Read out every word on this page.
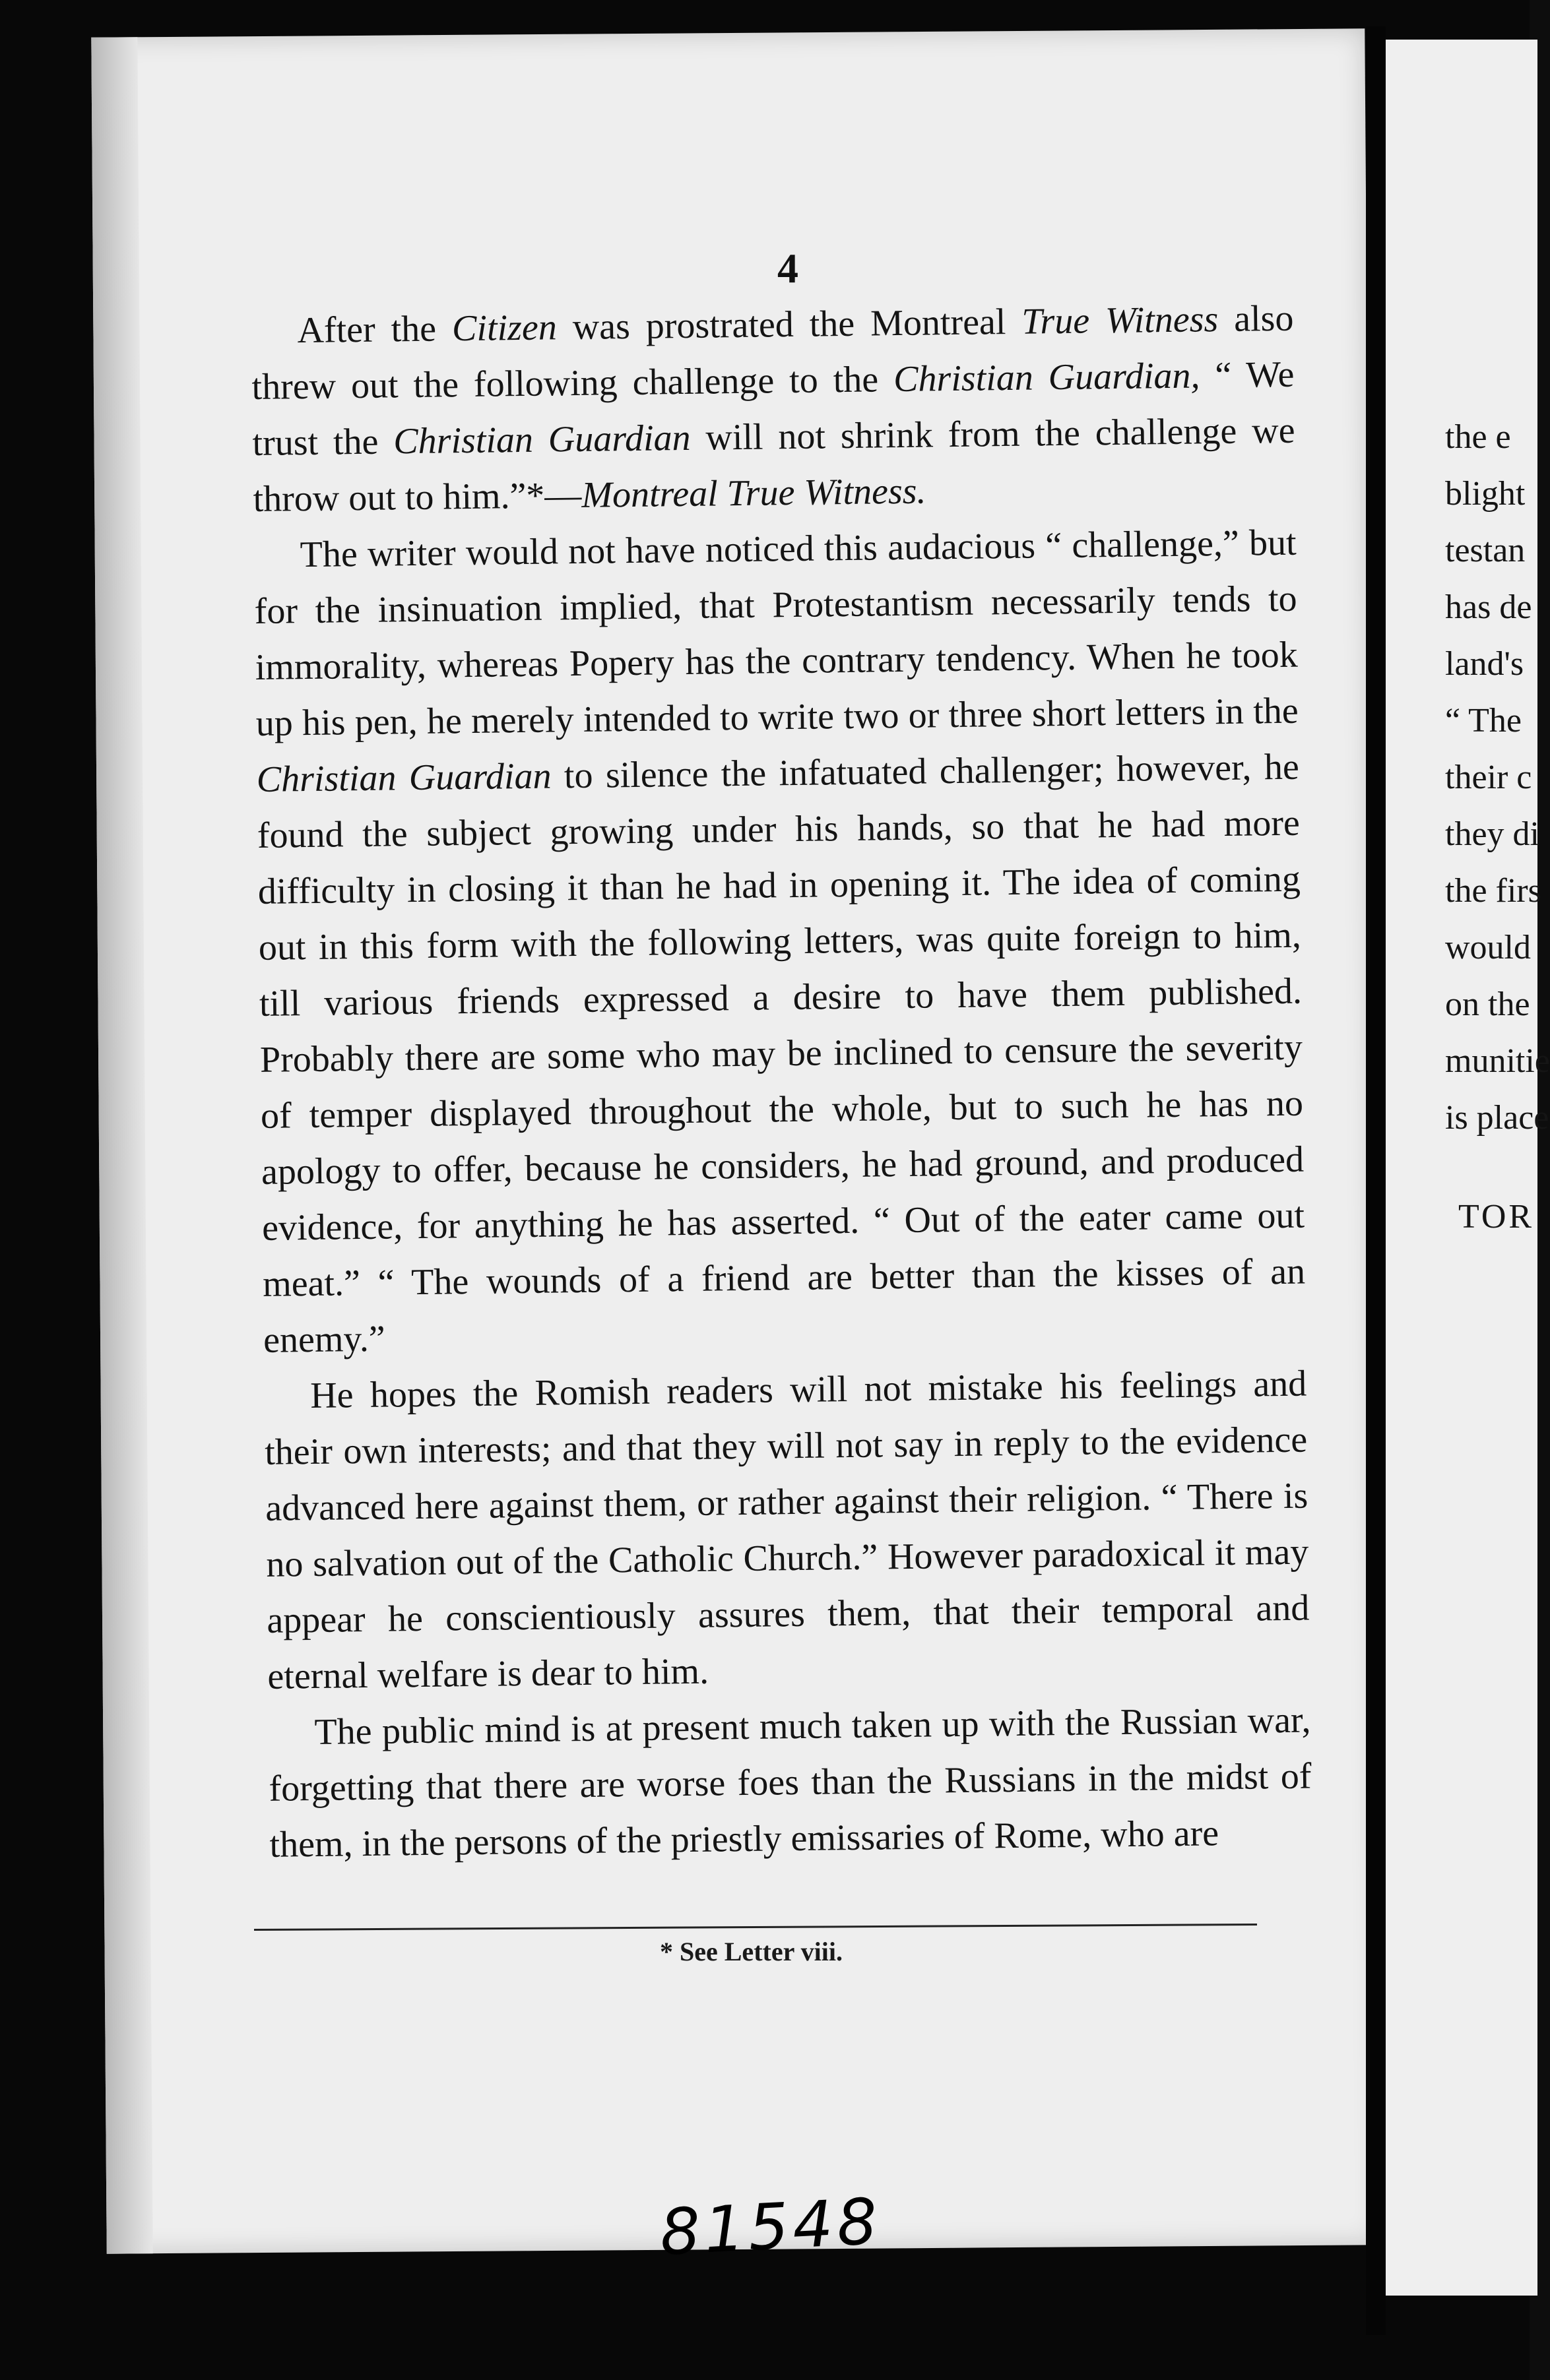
4

After the Citizen was prostrated the Montreal True Witness also threw out the following challenge to the Christian Guardian, “ We trust the Christian Guardian will not shrink from the challenge we throw out to him.”*—Montreal True Witness.

The writer would not have noticed this audacious “ challenge,” but for the insinuation implied, that Protestantism necessarily tends to immorality, whereas Popery has the contrary tendency. When he took up his pen, he merely intended to write two or three short letters in the Christian Guardian to silence the infatuated challenger; however, he found the subject growing under his hands, so that he had more difficulty in closing it than he had in opening it. The idea of coming out in this form with the following letters, was quite foreign to him, till various friends expressed a desire to have them published. Probably there are some who may be inclined to censure the severity of temper displayed throughout the whole, but to such he has no apology to offer, because he considers, he had ground, and produced evidence, for anything he has asserted. “ Out of the eater came out meat.” “ The wounds of a friend are better than the kisses of an enemy.”

He hopes the Romish readers will not mistake his feelings and their own interests; and that they will not say in reply to the evidence advanced here against them, or rather against their religion. “ There is no salvation out of the Catholic Church.” However paradoxical it may appear he conscientiously assures them, that their temporal and eternal welfare is dear to him.

The public mind is at present much taken up with the Russian war, forgetting that there are worse foes than the Russians in the midst of them, in the persons of the priestly emissaries of Rome, who are

* See Letter viii.
81548
the e
blight
testan
has de
land's
“ The
their c
they di
the firs
would
on the
munitie
is place
TOR
